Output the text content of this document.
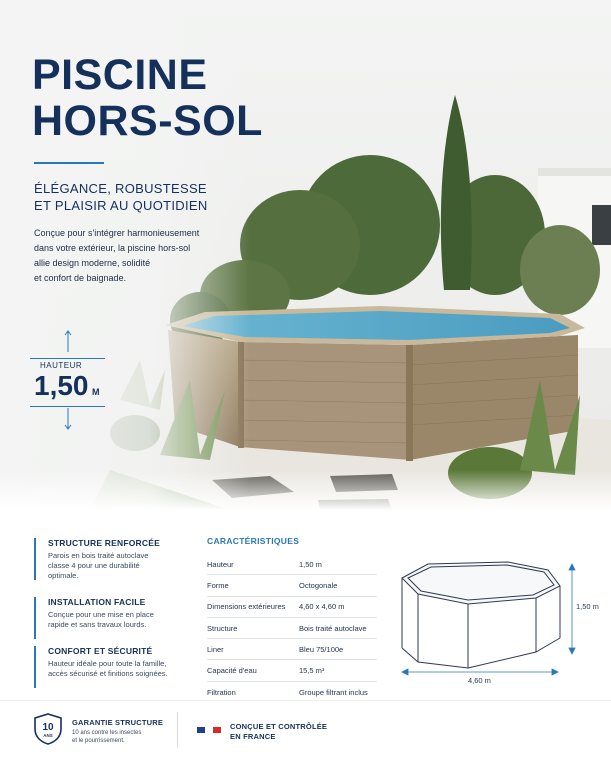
PISCINE
HORS-SOL
ÉLÉGANCE, ROBUSTESSE
ET PLAISIR AU QUOTIDIEN
Conçue pour s'intégrer harmonieusement
dans votre extérieur, la piscine hors-sol
allie design moderne, solidité
et confort de baignade.
HAUTEUR
1,50 M
STRUCTURE RENFORCÉE
Parois en bois traité autoclave
classe 4 pour une durabilité
optimale.
INSTALLATION FACILE
Conçue pour une mise en place
rapide et sans travaux lourds.
CONFORT ET SÉCURITÉ
Hauteur idéale pour toute la famille,
accès sécurisé et finitions soignées.
CARACTÉRISTIQUES
Hauteur	1,50 m
Forme	Octogonale
Dimensions extérieures	4,60 x 4,60 m
Structure	Bois traité autoclave
Liner	Bleu 75/100e
Capacité d'eau	15,5 m³
Filtration	Groupe filtrant inclus
1,50 m
4,60 m
10
ANS
GARANTIE STRUCTURE
10 ans contre les insectes
et le pourrissement.
CONÇUE ET CONTRÔLÉE
EN FRANCE
